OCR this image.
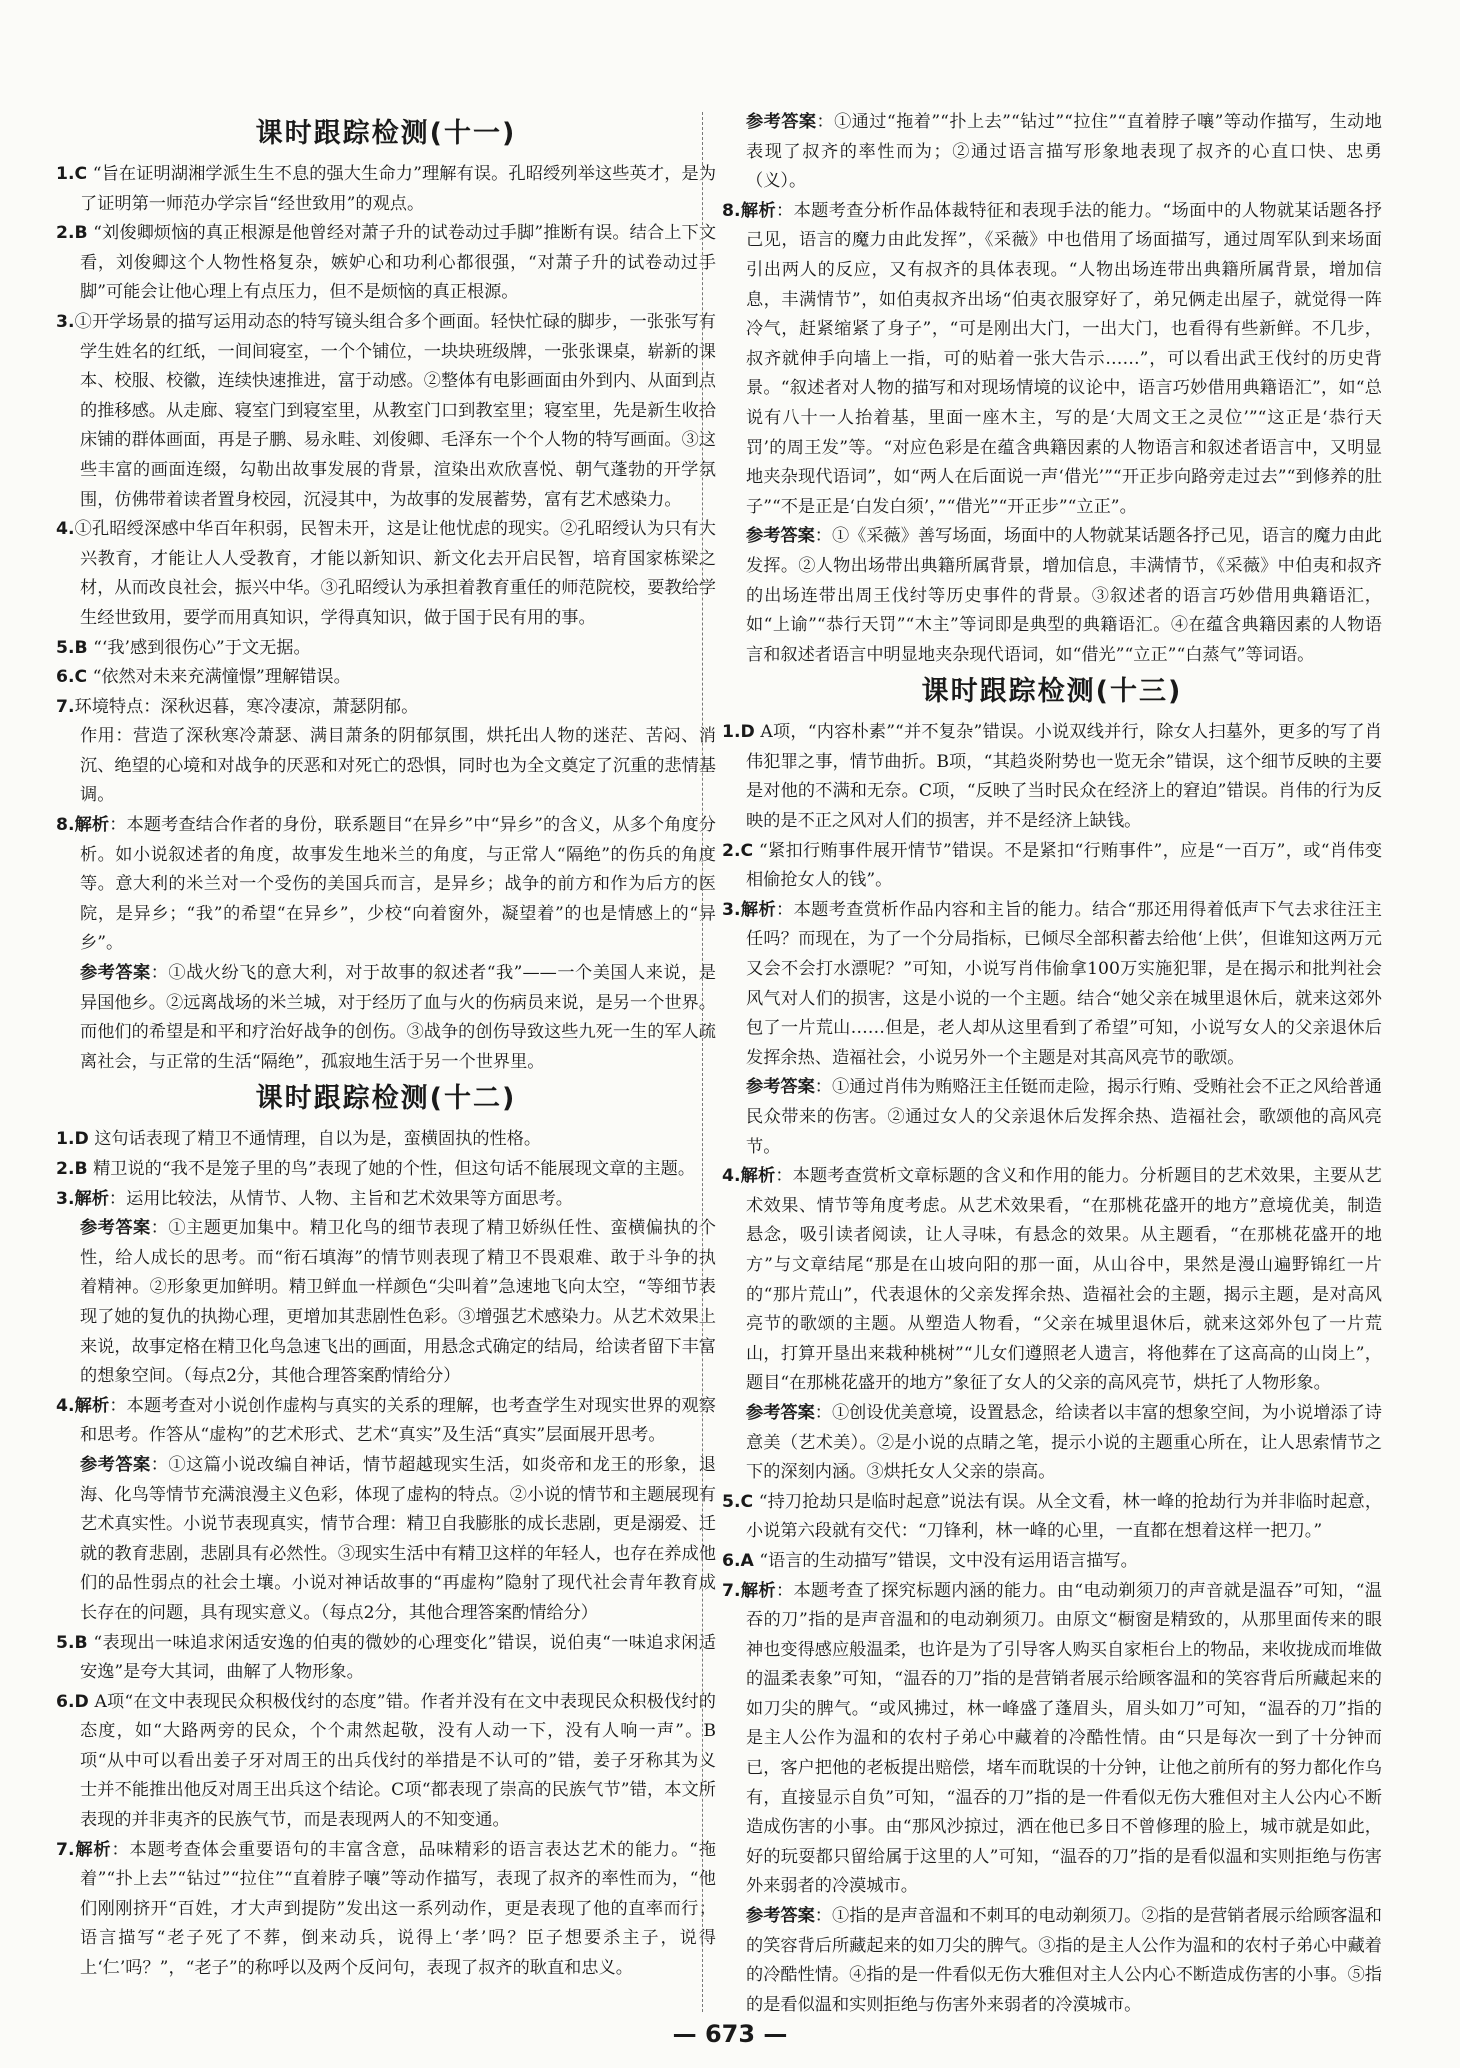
课时跟踪检测(十一)

1.C “旨在证明湖湘学派生生不息的强大生命力”理解有误。孔昭绶列举这些英才，是为了证明第一师范办学宗旨“经世致用”的观点。

2.B “刘俊卿烦恼的真正根源是他曾经对萧子升的试卷动过手脚”推断有误。结合上下文看，刘俊卿这个人物性格复杂，嫉妒心和功利心都很强，“对萧子升的试卷动过手脚”可能会让他心理上有点压力，但不是烦恼的真正根源。

3.①开学场景的描写运用动态的特写镜头组合多个画面。轻快忙碌的脚步，一张张写有学生姓名的红纸，一间间寝室，一个个铺位，一块块班级牌，一张张课桌，崭新的课本、校服、校徽，连续快速推进，富于动感。②整体有电影画面由外到内、从面到点的推移感。从走廊、寝室门到寝室里，从教室门口到教室里；寝室里，先是新生收拾床铺的群体画面，再是子鹏、易永畦、刘俊卿、毛泽东一个个人物的特写画面。③这些丰富的画面连缀，勾勒出故事发展的背景，渲染出欢欣喜悦、朝气蓬勃的开学氛围，仿佛带着读者置身校园，沉浸其中，为故事的发展蓄势，富有艺术感染力。

4.①孔昭绶深感中华百年积弱，民智未开，这是让他忧虑的现实。②孔昭绶认为只有大兴教育，才能让人人受教育，才能以新知识、新文化去开启民智，培育国家栋梁之材，从而改良社会，振兴中华。③孔昭绶认为承担着教育重任的师范院校，要教给学生经世致用，要学而用真知识，学得真知识，做于国于民有用的事。

5.B “‘我’感到很伤心”于文无据。

6.C “依然对未来充满憧憬”理解错误。

7.环境特点：深秋迟暮，寒冷凄凉，萧瑟阴郁。

作用：营造了深秋寒冷萧瑟、满目萧条的阴郁氛围，烘托出人物的迷茫、苦闷、消沉、绝望的心境和对战争的厌恶和对死亡的恐惧，同时也为全文奠定了沉重的悲情基调。

8.解析：本题考查结合作者的身份，联系题目“在异乡”中“异乡”的含义，从多个角度分析。如小说叙述者的角度，故事发生地米兰的角度，与正常人“隔绝”的伤兵的角度等。意大利的米兰对一个受伤的美国兵而言，是异乡；战争的前方和作为后方的医院，是异乡；“我”的希望“在异乡”，少校“向着窗外，凝望着”的也是情感上的“异乡”。

参考答案：①战火纷飞的意大利，对于故事的叙述者“我”——一个美国人来说，是异国他乡。②远离战场的米兰城，对于经历了血与火的伤病员来说，是另一个世界。而他们的希望是和平和疗治好战争的创伤。③战争的创伤导致这些九死一生的军人疏离社会，与正常的生活“隔绝”，孤寂地生活于另一个世界里。

课时跟踪检测(十二)

1.D 这句话表现了精卫不通情理，自以为是，蛮横固执的性格。

2.B 精卫说的“我不是笼子里的鸟”表现了她的个性，但这句话不能展现文章的主题。

3.解析：运用比较法，从情节、人物、主旨和艺术效果等方面思考。

参考答案：①主题更加集中。精卫化鸟的细节表现了精卫娇纵任性、蛮横偏执的个性，给人成长的思考。而“衔石填海”的情节则表现了精卫不畏艰难、敢于斗争的执着精神。②形象更加鲜明。精卫鲜血一样颜色“尖叫着”急速地飞向太空，“等细节表现了她的复仇的执拗心理，更增加其悲剧性色彩。③增强艺术感染力。从艺术效果上来说，故事定格在精卫化鸟急速飞出的画面，用悬念式确定的结局，给读者留下丰富的想象空间。（每点2分，其他合理答案酌情给分）

4.解析：本题考查对小说创作虚构与真实的关系的理解，也考查学生对现实世界的观察和思考。作答从“虚构”的艺术形式、艺术“真实”及生活“真实”层面展开思考。

参考答案：①这篇小说改编自神话，情节超越现实生活，如炎帝和龙王的形象，退海、化鸟等情节充满浪漫主义色彩，体现了虚构的特点。②小说的情节和主题展现有艺术真实性。小说节表现真实，情节合理：精卫自我膨胀的成长悲剧，更是溺爱、迁就的教育悲剧，悲剧具有必然性。③现实生活中有精卫这样的年轻人，也存在养成他们的品性弱点的社会土壤。小说对神话故事的“再虚构”隐射了现代社会青年教育成长存在的问题，具有现实意义。（每点2分，其他合理答案酌情给分）

5.B “表现出一味追求闲适安逸的伯夷的微妙的心理变化”错误，说伯夷“一味追求闲适安逸”是夸大其词，曲解了人物形象。

6.D A项“在文中表现民众积极伐纣的态度”错。作者并没有在文中表现民众积极伐纣的态度，如“大路两旁的民众，个个肃然起敬，没有人动一下，没有人响一声”。B项“从中可以看出姜子牙对周王的出兵伐纣的举措是不认可的”错，姜子牙称其为义士并不能推出他反对周王出兵这个结论。C项“都表现了崇高的民族气节”错，本文所表现的并非夷齐的民族气节，而是表现两人的不知变通。

7.解析：本题考查体会重要语句的丰富含意，品味精彩的语言表达艺术的能力。“拖着”“扑上去”“钻过”“拉住”“直着脖子嚷”等动作描写，表现了叔齐的率性而为，“他们刚刚挤开“百姓，才大声到提防”发出这一系列动作，更是表现了他的直率而行；语言描写“老子死了不葬，倒来动兵，说得上‘孝’吗？臣子想要杀主子，说得上‘仁’吗？”，“老子”的称呼以及两个反问句，表现了叔齐的耿直和忠义。

参考答案：①通过“拖着”“扑上去”“钻过”“拉住”“直着脖子嚷”等动作描写，生动地表现了叔齐的率性而为；②通过语言描写形象地表现了叔齐的心直口快、忠勇（义）。

8.解析：本题考查分析作品体裁特征和表现手法的能力。“场面中的人物就某话题各抒己见，语言的魔力由此发挥”，《采薇》中也借用了场面描写，通过周军队到来场面引出两人的反应，又有叔齐的具体表现。“人物出场连带出典籍所属背景，增加信息，丰满情节”，如伯夷叔齐出场“伯夷衣服穿好了，弟兄俩走出屋子，就觉得一阵冷气，赶紧缩紧了身子”，“可是刚出大门，一出大门，也看得有些新鲜。不几步，叔齐就伸手向墙上一指，可的贴着一张大告示……”，可以看出武王伐纣的历史背景。“叙述者对人物的描写和对现场情境的议论中，语言巧妙借用典籍语汇”，如“总说有八十一人抬着基，里面一座木主，写的是‘大周文王之灵位’”“这正是‘恭行天罚’的周王发”等。“对应色彩是在蕴含典籍因素的人物语言和叙述者语言中，又明显地夹杂现代语词”，如“两人在后面说一声‘借光’”“开正步向路旁走过去”“到修养的肚子”“不是正是‘白发白须’，”“借光”“开正步”“立正”。

参考答案：①《采薇》善写场面，场面中的人物就某话题各抒己见，语言的魔力由此发挥。②人物出场带出典籍所属背景，增加信息，丰满情节，《采薇》中伯夷和叔齐的出场连带出周王伐纣等历史事件的背景。③叙述者的语言巧妙借用典籍语汇，如“上谕”“恭行天罚”“木主”等词即是典型的典籍语汇。④在蕴含典籍因素的人物语言和叙述者语言中明显地夹杂现代语词，如“借光”“立正”“白蒸气”等词语。

课时跟踪检测(十三)

1.D A项，“内容朴素”“并不复杂”错误。小说双线并行，除女人扫墓外，更多的写了肖伟犯罪之事，情节曲折。B项，“其趋炎附势也一览无余”错误，这个细节反映的主要是对他的不满和无奈。C项，“反映了当时民众在经济上的窘迫”错误。肖伟的行为反映的是不正之风对人们的损害，并不是经济上缺钱。

2.C “紧扣行贿事件展开情节”错误。不是紧扣“行贿事件”，应是“一百万”，或“肖伟变相偷抢女人的钱”。

3.解析：本题考查赏析作品内容和主旨的能力。结合“那还用得着低声下气去求往汪主任吗？而现在，为了一个分局指标，已倾尽全部积蓄去给他‘上供’，但谁知这两万元又会不会打水漂呢？”可知，小说写肖伟偷拿100万实施犯罪，是在揭示和批判社会风气对人们的损害，这是小说的一个主题。结合“她父亲在城里退休后，就来这郊外包了一片荒山……但是，老人却从这里看到了希望”可知，小说写女人的父亲退休后发挥余热、造福社会，小说另外一个主题是对其高风亮节的歌颂。

参考答案：①通过肖伟为贿赂汪主任铤而走险，揭示行贿、受贿社会不正之风给普通民众带来的伤害。②通过女人的父亲退休后发挥余热、造福社会，歌颂他的高风亮节。

4.解析：本题考查赏析文章标题的含义和作用的能力。分析题目的艺术效果，主要从艺术效果、情节等角度考虑。从艺术效果看，“在那桃花盛开的地方”意境优美，制造悬念，吸引读者阅读，让人寻味，有悬念的效果。从主题看，“在那桃花盛开的地方”与文章结尾“那是在山坡向阳的那一面，从山谷中，果然是漫山遍野锦红一片的“那片荒山”，代表退休的父亲发挥余热、造福社会的主题，揭示主题，是对高风亮节的歌颂的主题。从塑造人物看，“父亲在城里退休后，就来这郊外包了一片荒山，打算开垦出来栽种桃树”“儿女们遵照老人遗言，将他葬在了这高高的山岗上”，题目“在那桃花盛开的地方”象征了女人的父亲的高风亮节，烘托了人物形象。

参考答案：①创设优美意境，设置悬念，给读者以丰富的想象空间，为小说增添了诗意美（艺术美）。②是小说的点睛之笔，提示小说的主题重心所在，让人思索情节之下的深刻内涵。③烘托女人父亲的崇高。

5.C “持刀抢劫只是临时起意”说法有误。从全文看，林一峰的抢劫行为并非临时起意，小说第六段就有交代：“刀锋利，林一峰的心里，一直都在想着这样一把刀。”

6.A “语言的生动描写”错误，文中没有运用语言描写。

7.解析：本题考查了探究标题内涵的能力。由“电动剃须刀的声音就是温吞”可知，“温吞的刀”指的是声音温和的电动剃须刀。由原文“橱窗是精致的，从那里面传来的眼神也变得感应般温柔，也许是为了引导客人购买自家柜台上的物品，来收拢成而堆做的温柔表象”可知，“温吞的刀”指的是营销者展示给顾客温和的笑容背后所藏起来的如刀尖的脾气。“或风拂过，林一峰盛了蓬眉头，眉头如刀”可知，“温吞的刀”指的是主人公作为温和的农村子弟心中藏着的冷酷性情。由“只是每次一到了十分钟而已，客户把他的老板提出赔偿，堵车而耽误的十分钟，让他之前所有的努力都化作乌有，直接显示自负”可知，“温吞的刀”指的是一件看似无伤大雅但对主人公内心不断造成伤害的小事。由“那风沙掠过，洒在他已多日不曾修理的脸上，城市就是如此，好的玩耍都只留给属于这里的人”可知，“温吞的刀”指的是看似温和实则拒绝与伤害外来弱者的冷漠城市。

参考答案：①指的是声音温和不刺耳的电动剃须刀。②指的是营销者展示给顾客温和的笑容背后所藏起来的如刀尖的脾气。③指的是主人公作为温和的农村子弟心中藏着的冷酷性情。④指的是一件看似无伤大雅但对主人公内心不断造成伤害的小事。⑤指的是看似温和实则拒绝与伤害外来弱者的冷漠城市。

— 673 —
